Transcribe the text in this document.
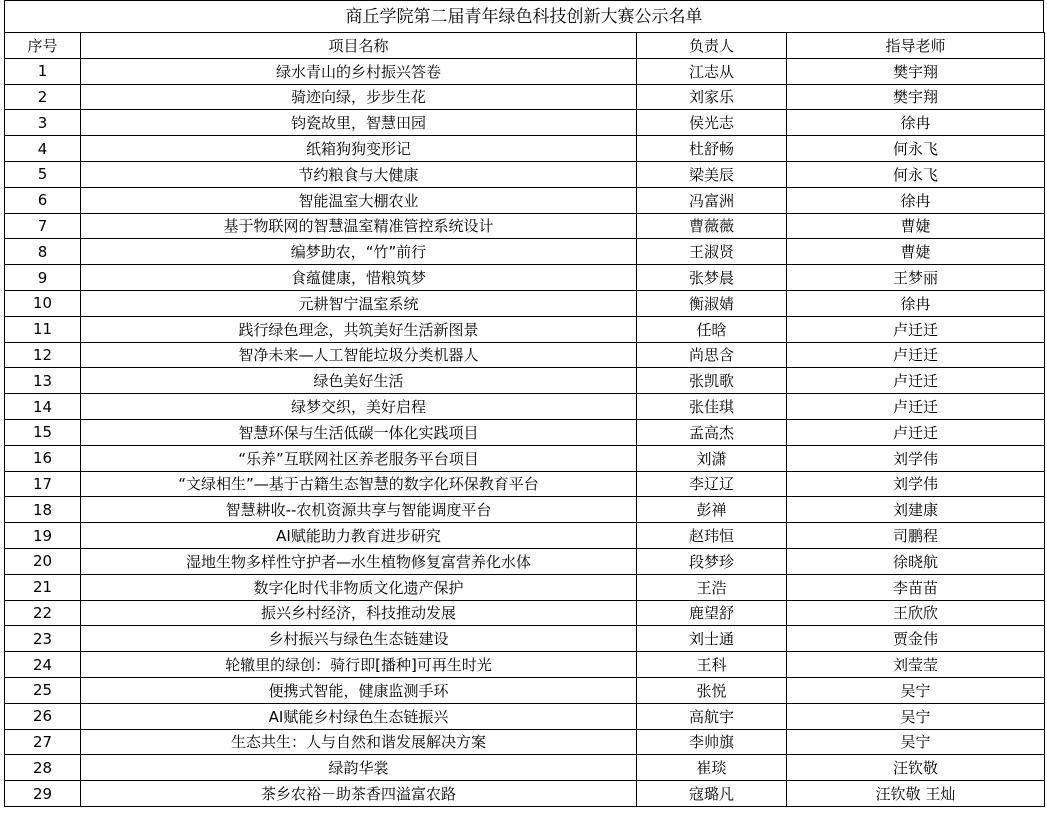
商丘学院第二届青年绿色科技创新大赛公示名单
序号	项目名称	负责人	指导老师
1	绿水青山的乡村振兴答卷	江志从	樊宇翔
2	骑迹向绿，步步生花	刘家乐	樊宇翔
3	钧瓷故里，智慧田园	侯光志	徐冉
4	纸箱狗狗变形记	杜舒畅	何永飞
5	节约粮食与大健康	梁美辰	何永飞
6	智能温室大棚农业	冯富洲	徐冉
7	基于物联网的智慧温室精准管控系统设计	曹薇薇	曹婕
8	编梦助农，“竹”前行	王淑贤	曹婕
9	食蕴健康，惜粮筑梦	张梦晨	王梦丽
10	元耕智宁温室系统	衡淑婧	徐冉
11	践行绿色理念，共筑美好生活新图景	任晗	卢迁迁
12	智净未来—人工智能垃圾分类机器人	尚思含	卢迁迁
13	绿色美好生活	张凯歌	卢迁迁
14	绿梦交织，美好启程	张佳琪	卢迁迁
15	智慧环保与生活低碳一体化实践项目	孟高杰	卢迁迁
16	“乐养”互联网社区养老服务平台项目	刘潇	刘学伟
17	“文绿相生”—基于古籍生态智慧的数字化环保教育平台	李辽辽	刘学伟
18	智慧耕收--农机资源共享与智能调度平台	彭禅	刘建康
19	AI赋能助力教育进步研究	赵玮恒	司鹏程
20	湿地生物多样性守护者—水生植物修复富营养化水体	段梦珍	徐晓航
21	数字化时代非物质文化遗产保护	王浩	李苗苗
22	振兴乡村经济，科技推动发展	鹿望舒	王欣欣
23	乡村振兴与绿色生态链建设	刘士通	贾金伟
24	轮辙里的绿创：骑行即[播种]可再生时光	王科	刘莹莹
25	便携式智能，健康监测手环	张悦	吴宁
26	AI赋能乡村绿色生态链振兴	高航宇	吴宁
27	生态共生：人与自然和谐发展解决方案	李帅旗	吴宁
28	绿韵华裳	崔琰	汪钦敬
29	茶乡农裕－助茶香四溢富农路	寇璐凡	汪钦敬 王灿
